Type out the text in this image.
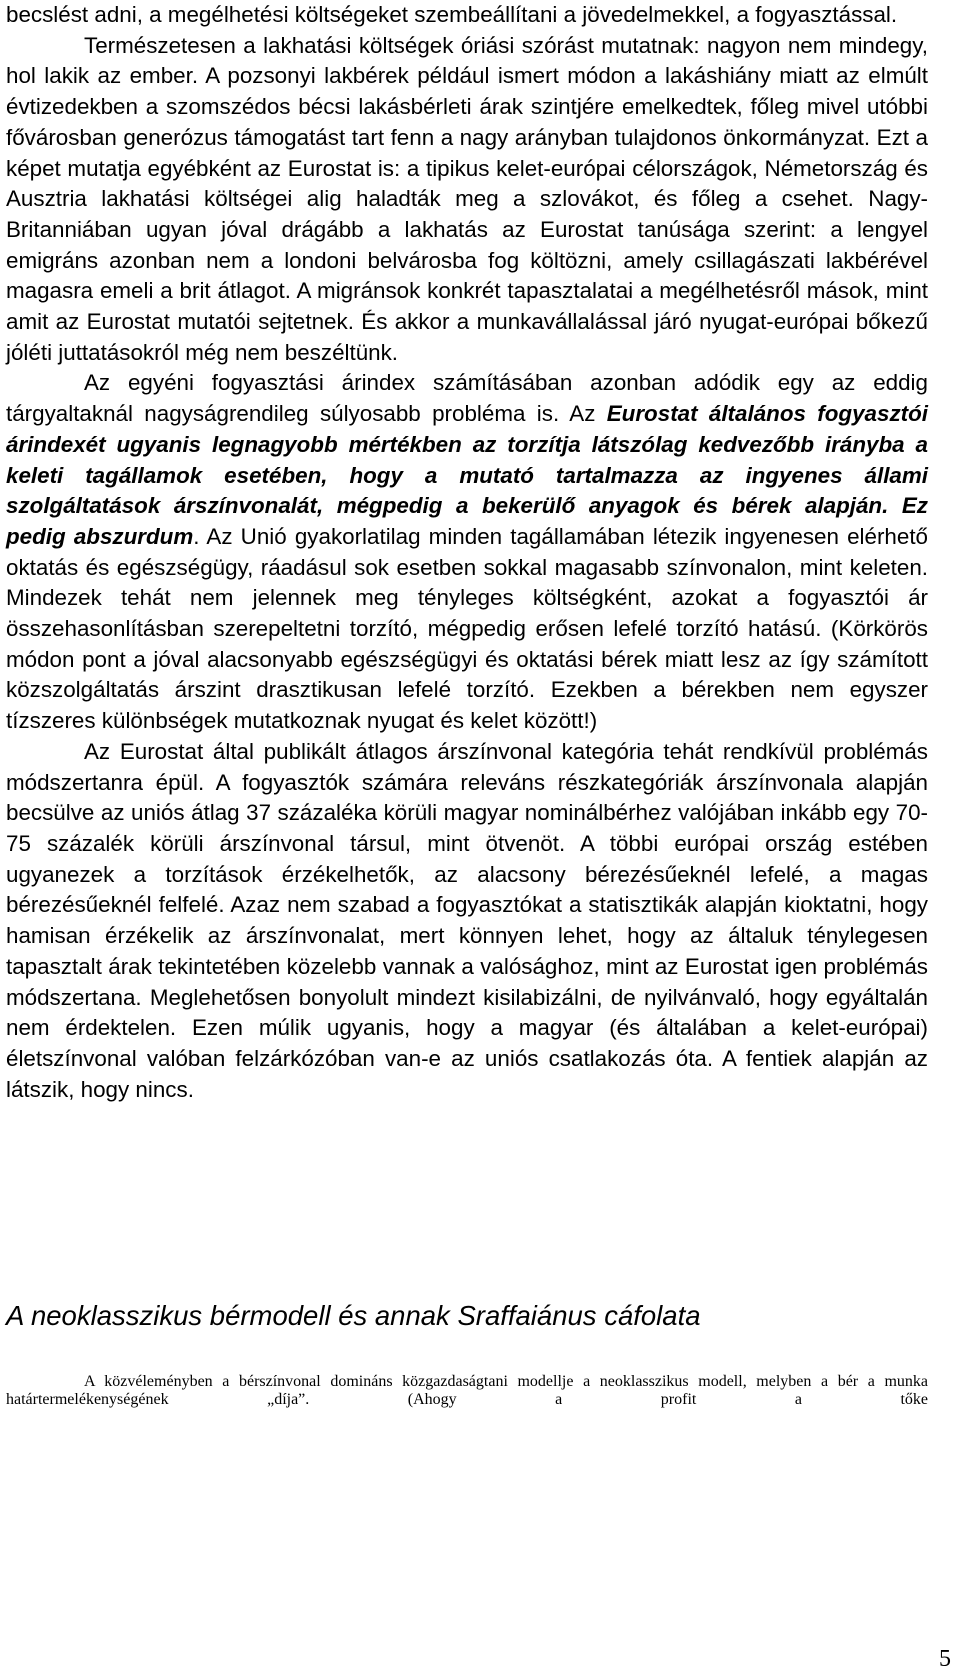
becslést adni, a megélhetési költségeket szembeállítani a jövedelmekkel, a fogyasztással.

Természetesen a lakhatási költségek óriási szórást mutatnak: nagyon nem mindegy, hol lakik az ember. A pozsonyi lakbérek például ismert módon a lakáshiány miatt az elmúlt évtizedekben a szomszédos bécsi lakásbérleti árak szintjére emelkedtek, főleg mivel utóbbi fővárosban generózus támogatást tart fenn a nagy arányban tulajdonos önkormányzat. Ezt a képet mutatja egyébként az Eurostat is: a tipikus kelet-európai célországok, Németország és Ausztria lakhatási költségei alig haladták meg a szlovákot, és főleg a csehet. Nagy-Britanniában ugyan jóval drágább a lakhatás az Eurostat tanúsága szerint: a lengyel emigráns azonban nem a londoni belvárosba fog költözni, amely csillagászati lakbérével magasra emeli a brit átlagot. A migránsok konkrét tapasztalatai a megélhetésről mások, mint amit az Eurostat mutatói sejtetnek. És akkor a munkavállalással járó nyugat-európai bőkezű jóléti juttatásokról még nem beszéltünk.

Az egyéni fogyasztási árindex számításában azonban adódik egy az eddig tárgyaltaknál nagyságrendileg súlyosabb probléma is. Az Eurostat általános fogyasztói árindexét ugyanis legnagyobb mértékben az torzítja látszólag kedvezőbb irányba a keleti tagállamok esetében, hogy a mutató tartalmazza az ingyenes állami szolgáltatások árszínvonalát, mégpedig a bekerülő anyagok és bérek alapján. Ez pedig abszurdum. Az Unió gyakorlatilag minden tagállamában létezik ingyenesen elérhető oktatás és egészségügy, ráadásul sok esetben sokkal magasabb színvonalon, mint keleten. Mindezek tehát nem jelennek meg tényleges költségként, azokat a fogyasztói ár összehasonlításban szerepeltetni torzító, mégpedig erősen lefelé torzító hatású. (Körkörös módon pont a jóval alacsonyabb egészségügyi és oktatási bérek miatt lesz az így számított közszolgáltatás árszint drasztikusan lefelé torzító. Ezekben a bérekben nem egyszer tízszeres különbségek mutatkoznak nyugat és kelet között!)

Az Eurostat által publikált átlagos árszínvonal kategória tehát rendkívül problémás módszertanra épül. A fogyasztók számára releváns részkategóriák árszínvonala alapján becsülve az uniós átlag 37 százaléka körüli magyar nominálbérhez valójában inkább egy 70-75 százalék körüli árszínvonal társul, mint ötvenöt. A többi európai ország estében ugyanezek a torzítások érzékelhetők, az alacsony bérezésűeknél lefelé, a magas bérezésűeknél felfelé. Azaz nem szabad a fogyasztókat a statisztikák alapján kioktatni, hogy hamisan érzékelik az árszínvonalat, mert könnyen lehet, hogy az általuk ténylegesen tapasztalt árak tekintetében közelebb vannak a valósághoz, mint az Eurostat igen problémás módszertana. Meglehetősen bonyolult mindezt kisilabizálni, de nyilvánvaló, hogy egyáltalán nem érdektelen. Ezen múlik ugyanis, hogy a magyar (és általában a kelet-európai) életszínvonal valóban felzárkózóban van-e az uniós csatlakozás óta. A fentiek alapján az látszik, hogy nincs.

A neoklasszikus bérmodell és annak Sraffaiánus cáfolata

A közvéleményben a bérszínvonal domináns közgazdaságtani modellje a neoklasszikus modell, melyben a bér a munka határtermelékenységének „díja”. (Ahogy a profit a tőke

5
